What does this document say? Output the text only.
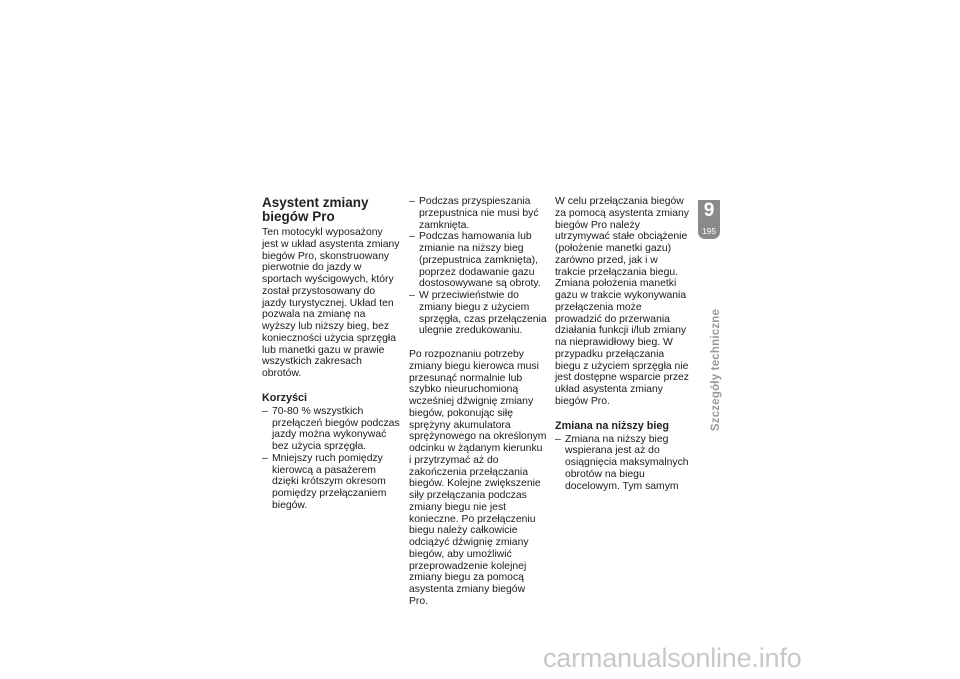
Asystent zmiany biegów Pro

Ten motocykl wyposażony jest w układ asystenta zmiany biegów Pro, skonstruowany pierwotnie do jazdy w sportach wyścigowych, który został przystosowany do jazdy turystycznej. Układ ten pozwala na zmianę na wyższy lub niższy bieg, bez konieczności użycia sprzęgła lub manetki gazu w prawie wszystkich zakresach obrotów.

Korzyści
– 70-80 % wszystkich przełączeń biegów podczas jazdy można wykonywać bez użycia sprzęgła.
– Mniejszy ruch pomiędzy kierowcą a pasażerem dzięki krótszym okresom pomiędzy przełączaniem biegów.
– Podczas przyspieszania przepustnica nie musi być zamknięta.
– Podczas hamowania lub zmianie na niższy bieg (przepustnica zamknięta), poprzez dodawanie gazu dostosowywane są obroty.
– W przeciwieństwie do zmiany biegu z użyciem sprzęgła, czas przełączenia ulegnie zredukowaniu.

Po rozpoznaniu potrzeby zmiany biegu kierowca musi przesunąć normalnie lub szybko nieuruchomioną wcześniej dźwignię zmiany biegów, pokonując siłę sprężyny akumulatora sprężynowego na określonym odcinku w żądanym kierunku i przytrzymać aż do zakończenia przełączania biegów. Kolejne zwiększenie siły przełączania podczas zmiany biegu nie jest konieczne. Po przełączeniu biegu należy całkowicie odciążyć dźwignię zmiany biegów, aby umożliwić przeprowadzenie kolejnej zmiany biegu za pomocą asystenta zmiany biegów Pro.

W celu przełączania biegów za pomocą asystenta zmiany biegów Pro należy utrzymywać stałe obciążenie (położenie manetki gazu) zarówno przed, jak i w trakcie przełączania biegu. Zmiana położenia manetki gazu w trakcie wykonywania przełączenia może prowadzić do przerwania działania funkcji i/lub zmiany na nieprawidłowy bieg. W przypadku przełączania biegu z użyciem sprzęgła nie jest dostępne wsparcie przez układ asystenta zmiany biegów Pro.

Zmiana na niższy bieg
– Zmiana na niższy bieg wspierana jest aż do osiągnięcia maksymalnych obrotów na biegu docelowym. Tym samym
9
195
Szczegóły techniczne
carmanualsonline.info
